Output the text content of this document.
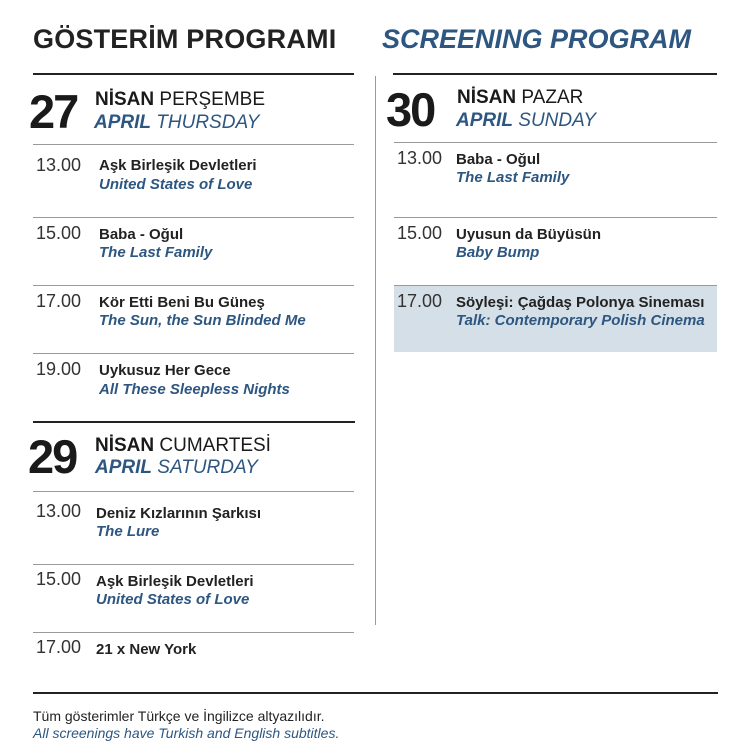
GÖSTERİM PROGRAMI SCREENING PROGRAM
27 NİSAN PERŞEMBE
APRIL THURSDAY
13.00 Aşk Birleşik Devletleri
United States of Love
15.00 Baba - Oğul
The Last Family
17.00 Kör Etti Beni Bu Güneş
The Sun, the Sun Blinded Me
19.00 Uykusuz Her Gece
All These Sleepless Nights
29 NİSAN CUMARTESİ
APRIL SATURDAY
13.00 Deniz Kızlarının Şarkısı
The Lure
15.00 Aşk Birleşik Devletleri
United States of Love
17.00 21 x New York
30 NİSAN PAZAR
APRIL SUNDAY
13.00 Baba - Oğul
The Last Family
15.00 Uyusun da Büyüsün
Baby Bump
17.00 Söyleşi: Çağdaş Polonya Sineması
Talk: Contemporary Polish Cinema
Tüm gösterimler Türkçe ve İngilizce altyazılıdır.
All screenings have Turkish and English subtitles.
